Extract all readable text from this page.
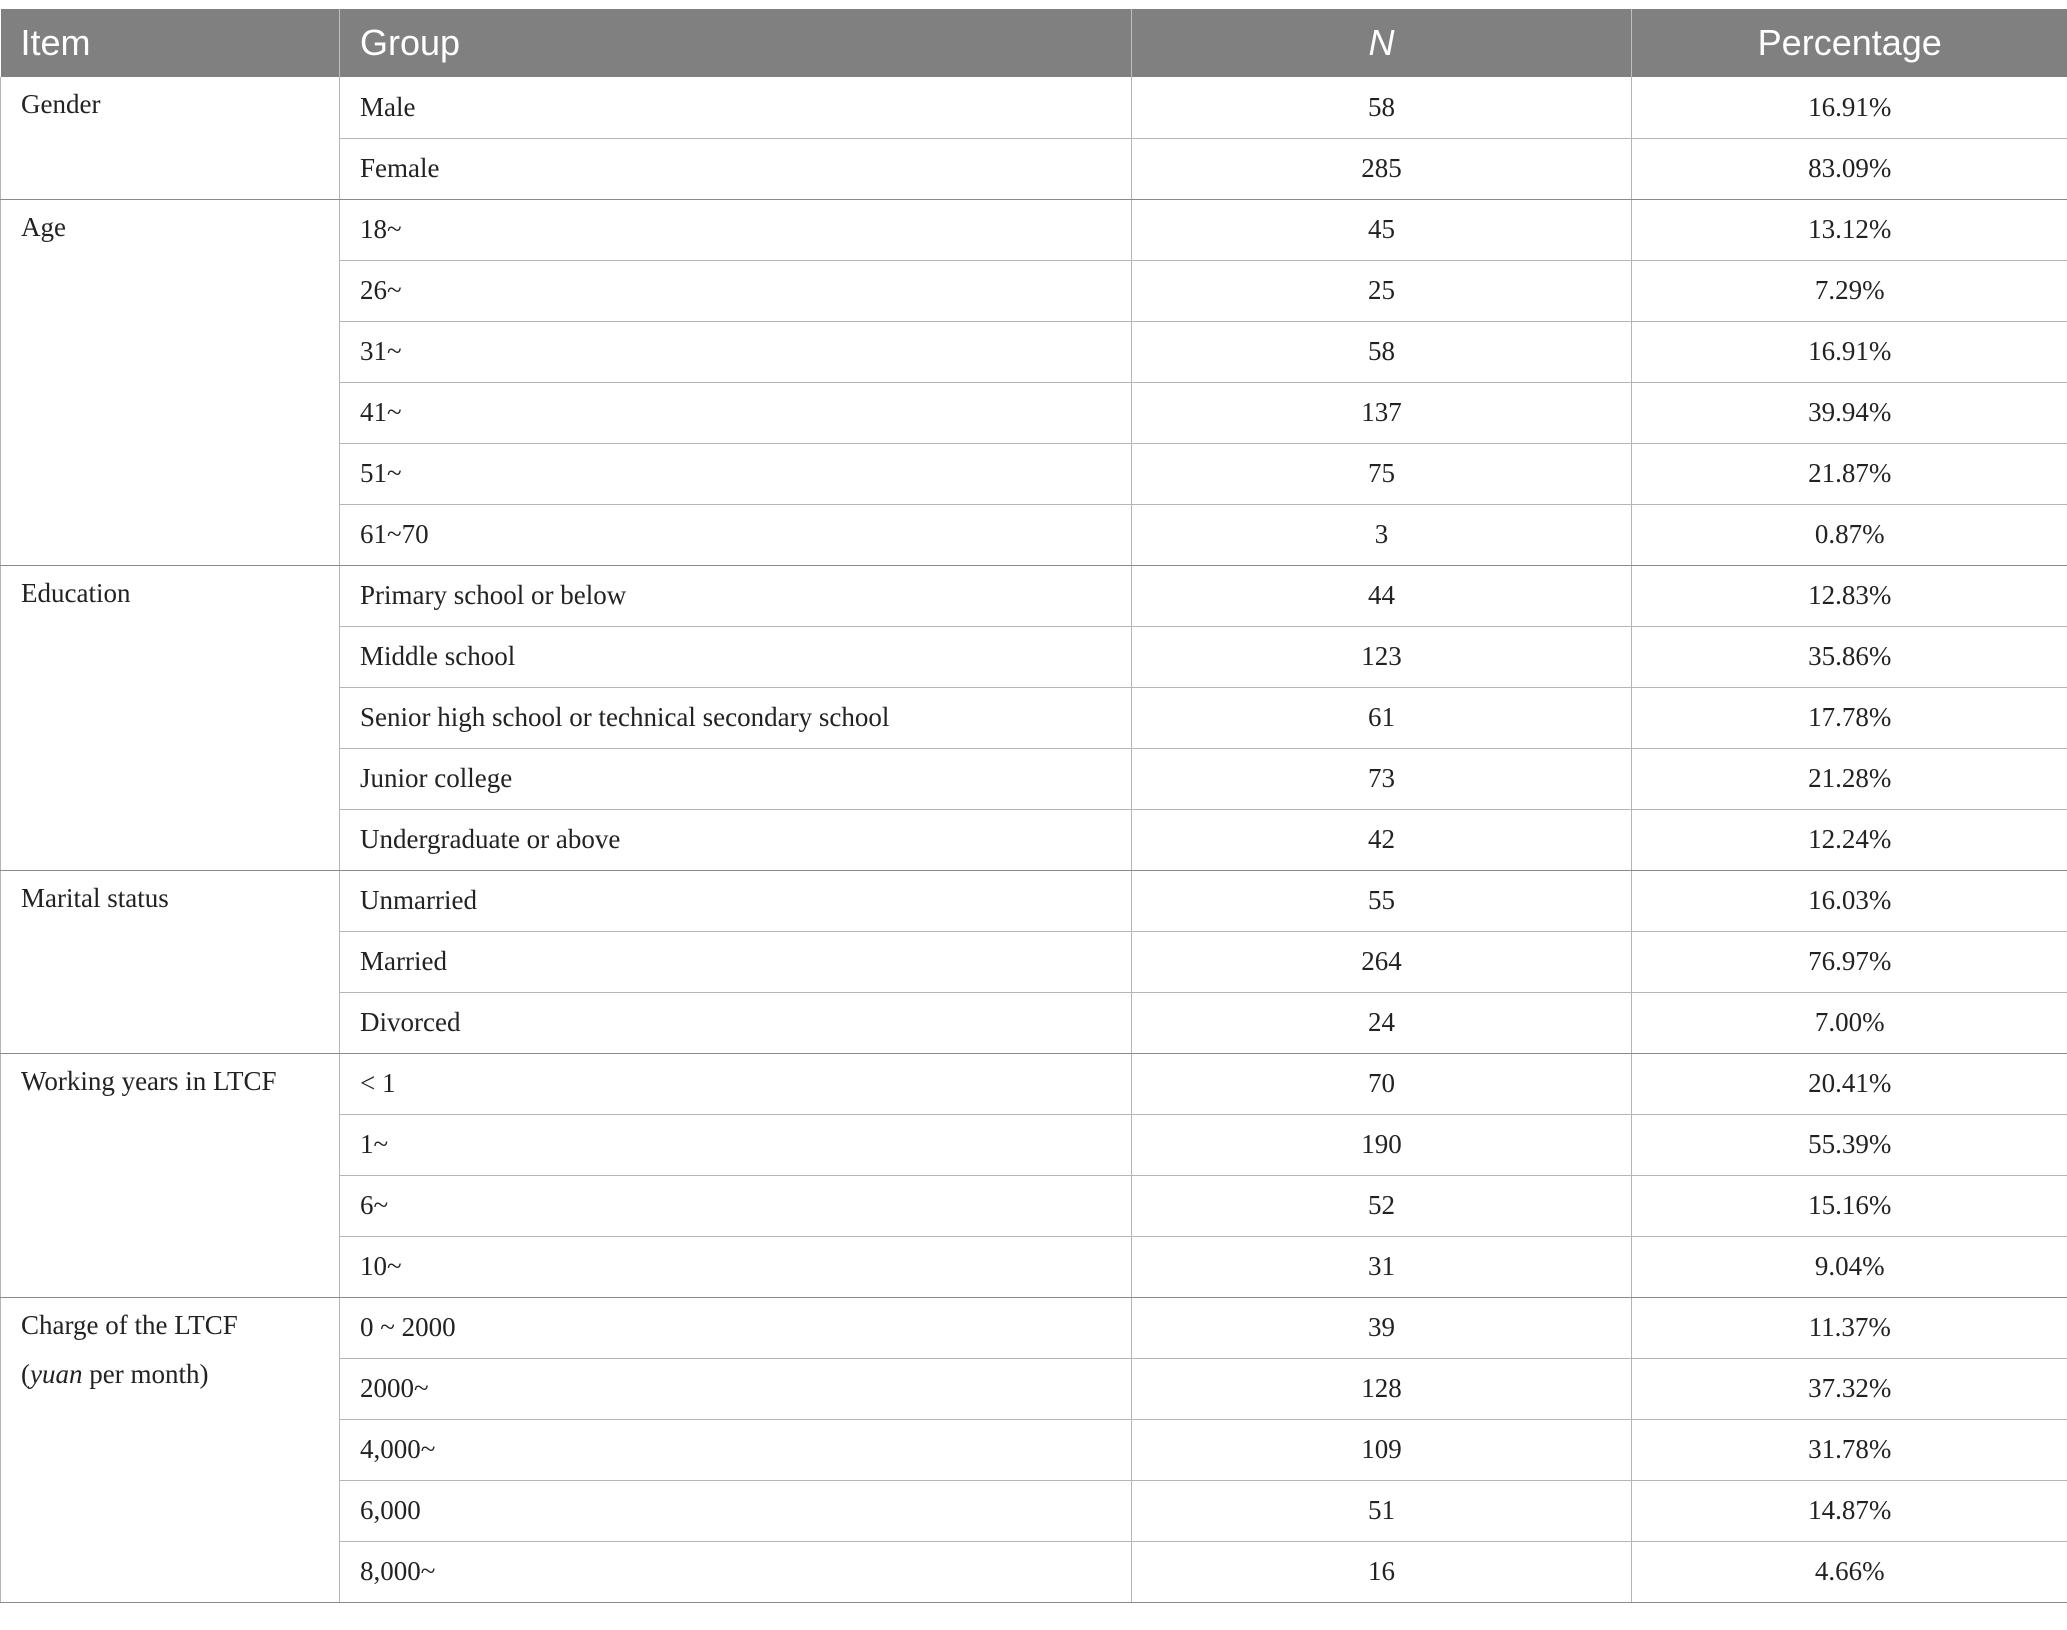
Item	Group	N	Percentage

Gender	Male	58	16.91%
	Female	285	83.09%

Age	18~	45	13.12%
	26~	25	7.29%
	31~	58	16.91%
	41~	137	39.94%
	51~	75	21.87%
	61~70	3	0.87%

Education	Primary school or below	44	12.83%
	Middle school	123	35.86%
	Senior high school or technical secondary school	61	17.78%
	Junior college	73	21.28%
	Undergraduate or above	42	12.24%

Marital status	Unmarried	55	16.03%
	Married	264	76.97%
	Divorced	24	7.00%

Working years in LTCF	< 1	70	20.41%
	1~	190	55.39%
	6~	52	15.16%
	10~	31	9.04%

Charge of the LTCF
(yuan per month)	0 ~ 2000	39	11.37%
	2000~	128	37.32%
	4,000~	109	31.78%
	6,000	51	14.87%
	8,000~	16	4.66%
